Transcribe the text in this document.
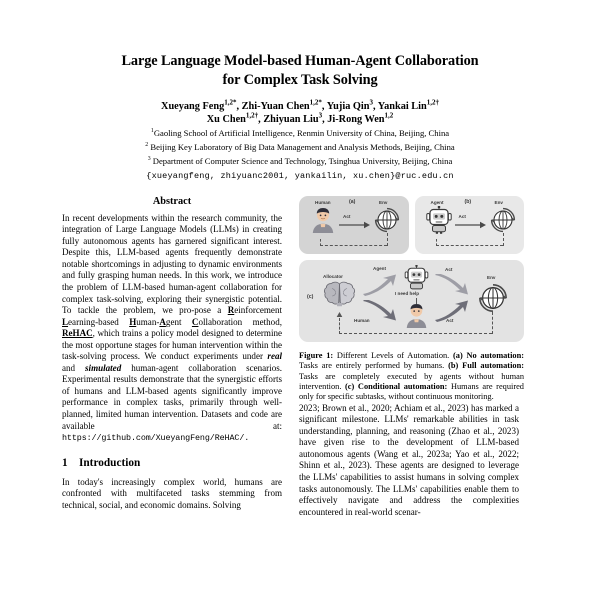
Large Language Model-based Human-Agent Collaboration
for Complex Task Solving
Xueyang Feng$^{1,2*}$, Zhi-Yuan Chen$^{1,2*}$, Yujia Qin$^3$, Yankai Lin$^{1,2\dagger}$
Xu Chen$^{1,2\dagger}$, Zhiyuan Liu$^3$, Ji-Rong Wen$^{1,2}$
$^1$Gaoling School of Artificial Intelligence, Renmin University of China, Beijing, China
$^2$ Beijing Key Laboratory of Big Data Management and Analysis Methods, Beijing, China
$^3$ Department of Computer Science and Technology, Tsinghua University, Beijing, China
{xueyangfeng, zhiyuanc2001, yankailin, xu.chen}@ruc.edu.cn
Abstract

In recent developments within the research community, the integration of Large Language Models (LLMs) in creating fully autonomous agents has garnered significant interest. Despite this, LLM-based agents frequently demonstrate notable shortcomings in adjusting to dynamic environments and fully grasping human needs. In this work, we introduce the problem of LLM-based human-agent collaboration for complex task-solving, exploring their synergistic potential. To tackle the problem, we pro-pose a Reinforcement Learning-based Human-Agent Collaboration method, ReHAC, which trains a policy model designed to determine the most opportune stages for human intervention within the task-solving process. We conduct experiments under real and simulated human-agent collaboration scenarios. Experimental results demonstrate that the synergistic efforts of humans and LLM-based agents significantly improve performance in complex tasks, primarily through well-planned, limited human intervention. Datasets and code are available at: https://github.com/XueyangFeng/ReHAC/.

1 Introduction

In today's increasingly complex world, humans are confronted with multifaceted tasks stemming from technical, social, and economic domains. Solving

Human	(a)	Env
Act
Agent	(b)	Env
Act
(c)
Allocator
Agent
Human
I need help
Act
Act
Env
Figure 1: Different Levels of Automation. (a) No automation: Tasks are entirely performed by humans. (b) Full automation: Tasks are completely executed by agents without human intervention. (c) Conditional automation: Humans are required only for specific subtasks, without continuous monitoring.

2023; Brown et al., 2020; Achiam et al., 2023) has marked a significant milestone. LLMs' remarkable abilities in task understanding, planning, and reasoning (Zhao et al., 2023) have given rise to the development of LLM-based autonomous agents (Wang et al., 2023a; Yao et al., 2022; Shinn et al., 2023). These agents are designed to leverage the LLMs' capabilities to assist humans in solving complex tasks autonomously. The LLMs' capabilities enable them to effectively navigate and address the complexities encountered in real-world scenar-
